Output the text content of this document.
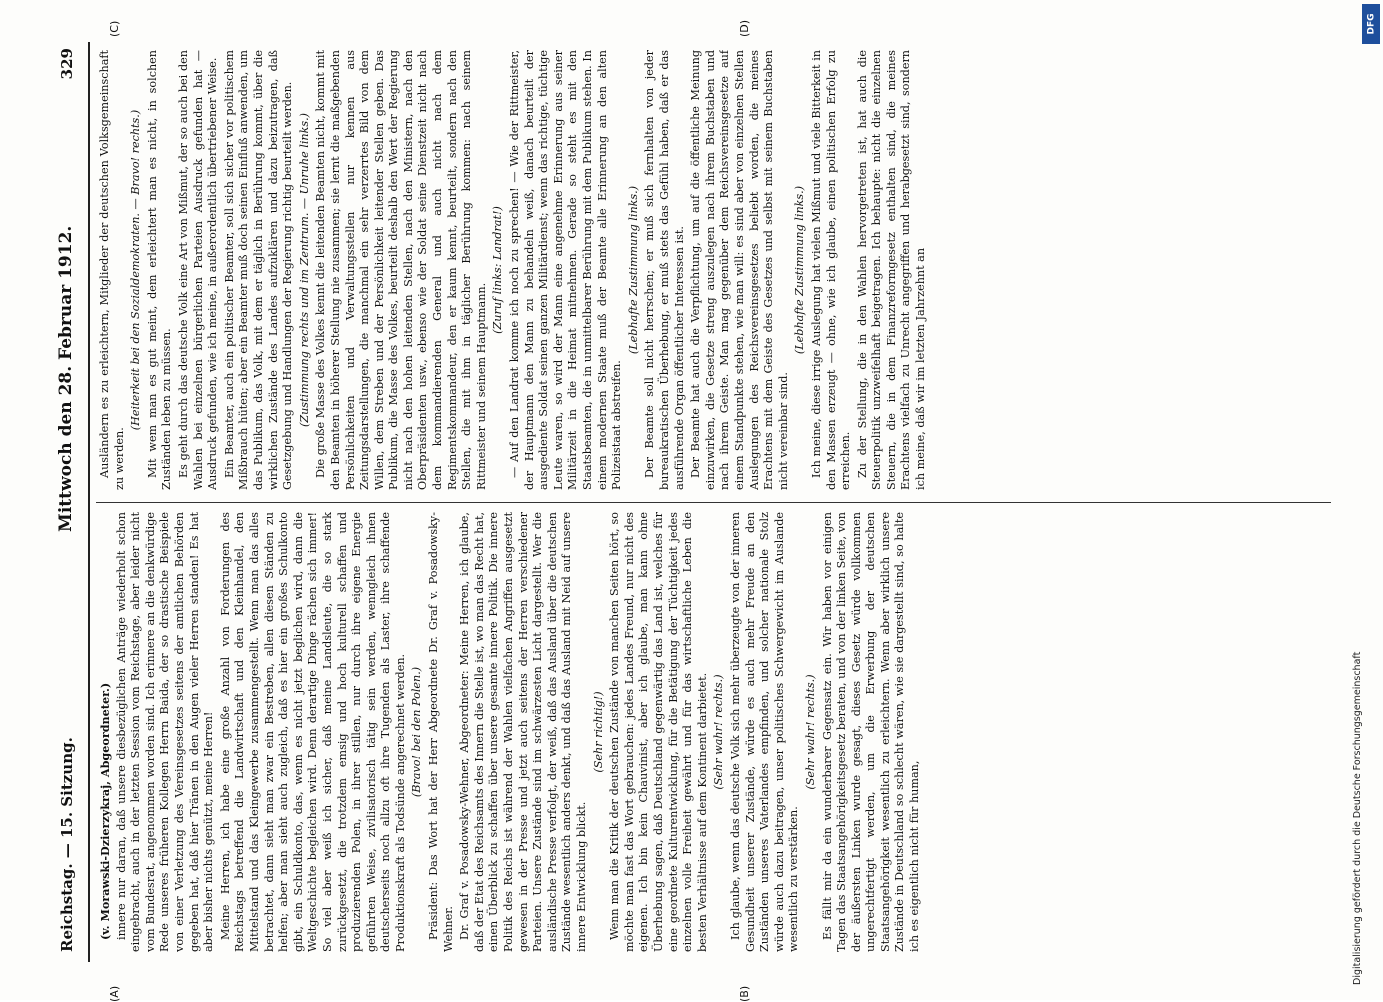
Reichstag. — 15. Sitzung.
Mittwoch den 28. Februar 1912.
329
(A)	(B)
(C)	(D)

(v. Morawski-Dzierzykraj, Abgeordneter.) innere nur daran, daß unsere diesbezüglichen Anträge wiederholt schon eingebracht, auch in der letzten Session vom Reichstage, aber leider nicht vom Bundesrat, angenommen worden sind. Ich erinnere an die denkwürdige Rede unseres früheren Kollegen Herrn Baida, der so drastische Beispiele von einer Verletzung des Vereinsgesetzes seitens der amtlichen Behörden gegeben hat, daß hier Tränen in den Augen vieler Herren standen! Es hat aber bisher nichts genützt, meine Herren! Meine Herren, ich habe eine große Anzahl von Forderungen des Reichstags betreffend die Landwirtschaft und den Kleinhandel, den Mittelstand und das Kleingewerbe zusammengestellt. Wenn man das alles betrachtet, dann sieht man zwar ein Bestreben, allen diesen Ständen zu helfen; aber man sieht auch zugleich, daß es hier ein großes Schulkonto gibt, ein Schuldkonto, das, wenn es nicht jetzt beglichen wird, dann die Weltgeschichte begleichen wird. Denn derartige Dinge rächen sich immer! So viel aber weiß ich sicher, daß meine Landsleute, die so stark zurückgesetzt, die trotzdem emsig und hoch kulturell schaffen und produzierenden Polen, in ihrer stillen, nur durch ihre eigene Energie geführten Weise, zivilisatorisch tätig sein werden, wenngleich ihnen deutscherseits noch allzu oft ihre Tugenden als Laster, ihre schaffende Produktionskraft als Todsünde angerechnet werden. (Bravo! bei den Polen.) Präsident: Das Wort hat der Herr Abgeordnete Dr. Graf v. Posadowsky-Wehner. Dr. Graf v. Posadowsky-Wehner, Abgeordneter: Meine Herren, ich glaube, daß der Etat des Reichsamts des Innern die Stelle ist, wo man das Recht hat, einen Überblick zu schaffen über unsere gesamte innere Politik. Die innere Politik des Reichs ist während der Wahlen vielfachen Angriffen ausgesetzt gewesen in der Presse und jetzt auch seitens der Herren verschiedener Parteien. Unsere Zustände sind im schwärzesten Licht dargestellt. Wer die ausländische Presse verfolgt, der weiß, daß das Ausland über die deutschen Zustände wesentlich anders denkt, und daß das Ausland mit Neid auf unsere innere Entwicklung blickt.

(Sehr richtig!) Wenn man die Kritik der deutschen Zustände von manchen Seiten hört, so möchte man fast das Wort gebrauchen: jedes Landes Freund, nur nicht des eigenen. Ich bin kein Chauvinist, aber ich glaube, man kann ohne Überhebung sagen, daß Deutschland gegenwärtig das Land ist, welches für eine geordnete Kulturentwicklung, für die Betätigung der Tüchtigkeit jedes einzelnen volle Freiheit gewährt und für das wirtschaftliche Leben die besten Verhältnisse auf dem Kontinent darbietet. (Sehr wahr! rechts.) Ich glaube, wenn das deutsche Volk sich mehr überzeugte von der inneren Gesundheit unserer Zustände, würde es auch mehr Freude an den Zuständen unseres Vaterlandes empfinden, und solcher nationale Stolz würde auch dazu beitragen, unser politisches Schwergewicht im Auslande wesentlich zu verstärken.

(Sehr wahr! rechts.) Es fällt mir da ein wunderbarer Gegensatz ein. Wir haben vor einigen Tagen das Staatsangehörigkeitsgesetz beraten, und von der linken Seite, von der äußersten Linken wurde gesagt, dieses Gesetz würde vollkommen ungerechtfertigt werden, um die Erwerbung der deutschen Staatsangehörigkeit wesentlich zu erleichtern. Wenn aber wirklich unsere Zustände in Deutschland so schlecht wären, wie sie dargestellt sind, so halte ich es eigentlich nicht für human,

Ausländern es zu erleichtern, Mitglieder der deutschen Volksgemeinschaft zu werden.

(Heiterkeit bei den Sozialdemokraten. — Bravo! rechts.) Mit wem man es gut meint, dem erleichtert man es nicht, in solchen Zuständen leben zu müssen. Es geht durch das deutsche Volk eine Art von Mißmut, der so auch bei den Wahlen bei einzelnen bürgerlichen Parteien Ausdruck gefunden hat — Ausdruck gefunden, wie ich meine, in außerordentlich übertriebener Weise. Ein Beamter, auch ein politischer Beamter, soll sich sicher vor politischem Mißbrauch hüten; aber ein Beamter muß doch seinen Einfluß anwenden, um das Publikum, das Volk, mit dem er täglich in Berührung kommt, über die wirklichen Zustände des Landes aufzuklären und dazu beizutragen, daß Gesetzgebung und Handlungen der Regierung richtig beurteilt werden. (Zustimmung rechts und im Zentrum. — Unruhe links.) Die große Masse des Volkes kennt die leitenden Beamten nicht, kommt mit den Beamten in höherer Stellung nie zusammen; sie lernt die maßgebenden Persönlichkeiten und Verwaltungsstellen nur kennen aus Zeitungsdarstellungen, die manchmal ein sehr verzerrtes Bild von dem Willen, dem Streben und der Persönlichkeit leitender Stellen geben. Das Publikum, die Masse des Volkes, beurteilt deshalb den Wert der Regierung nicht nach den hohen leitenden Stellen, nach den Ministern, nach den Oberpräsidenten usw., ebenso wie der Soldat seine Dienstzeit nicht nach dem kommandierenden General und auch nicht nach dem Regimentskommandeur, den er kaum kennt, beurteilt, sondern nach den Stellen, die mit ihm in täglicher Berührung kommen: nach seinem Rittmeister und seinem Hauptmann.

(Zuruf links: Landrat!) — Auf den Landrat komme ich noch zu sprechen! — Wie der Rittmeister, der Hauptmann den Mann zu behandeln weiß, danach beurteilt der ausgediente Soldat seinen ganzen Militärdienst; wenn das richtige, tüchtige Leute waren, so wird der Mann eine angenehme Erinnerung aus seiner Militärzeit in die Heimat mitnehmen. Gerade so steht es mit den Staatsbeamten, die in unmittelbarer Berührung mit dem Publikum stehen. In einem modernen Staate muß der Beamte alle Erinnerung an den alten Polizeistaat abstreifen.

(Lebhafte Zustimmung links.) Der Beamte soll nicht herrschen; er muß sich fernhalten von jeder bureaukratischen Überhebung, er muß stets das Gefühl haben, daß er das ausführende Organ öffentlicher Interessen ist. Der Beamte hat auch die Verpflichtung, um auf die öffentliche Meinung einzuwirken, die Gesetze streng auszulegen nach ihrem Buchstaben und nach ihrem Geiste. Man mag gegenüber dem Reichsvereinsgesetze auf einem Standpunkte stehen, wie man will: es sind aber von einzelnen Stellen Auslegungen des Reichsvereinsgesetzes beliebt worden, die meines Erachtens mit dem Geiste des Gesetzes und selbst mit seinem Buchstaben nicht vereinbar sind.

(Lebhafte Zustimmung links.) Ich meine, diese irrige Auslegung hat vielen Mißmut und viele Bitterkeit in den Massen erzeugt — ohne, wie ich glaube, einen politischen Erfolg zu erreichen. Zu der Stellung, die in den Wahlen hervorgetreten ist, hat auch die Steuerpolitik unzweifelhaft beigetragen. Ich behaupte: nicht die einzelnen Steuern, die in dem Finanzreformgesetz enthalten sind, die meines Erachtens vielfach zu Unrecht angegriffen und herabgesetzt sind, sondern ich meine, daß wir im letzten Jahrzehnt an

DFG
Digitalisierung gefördert durch die Deutsche Forschungsgemeinschaft
